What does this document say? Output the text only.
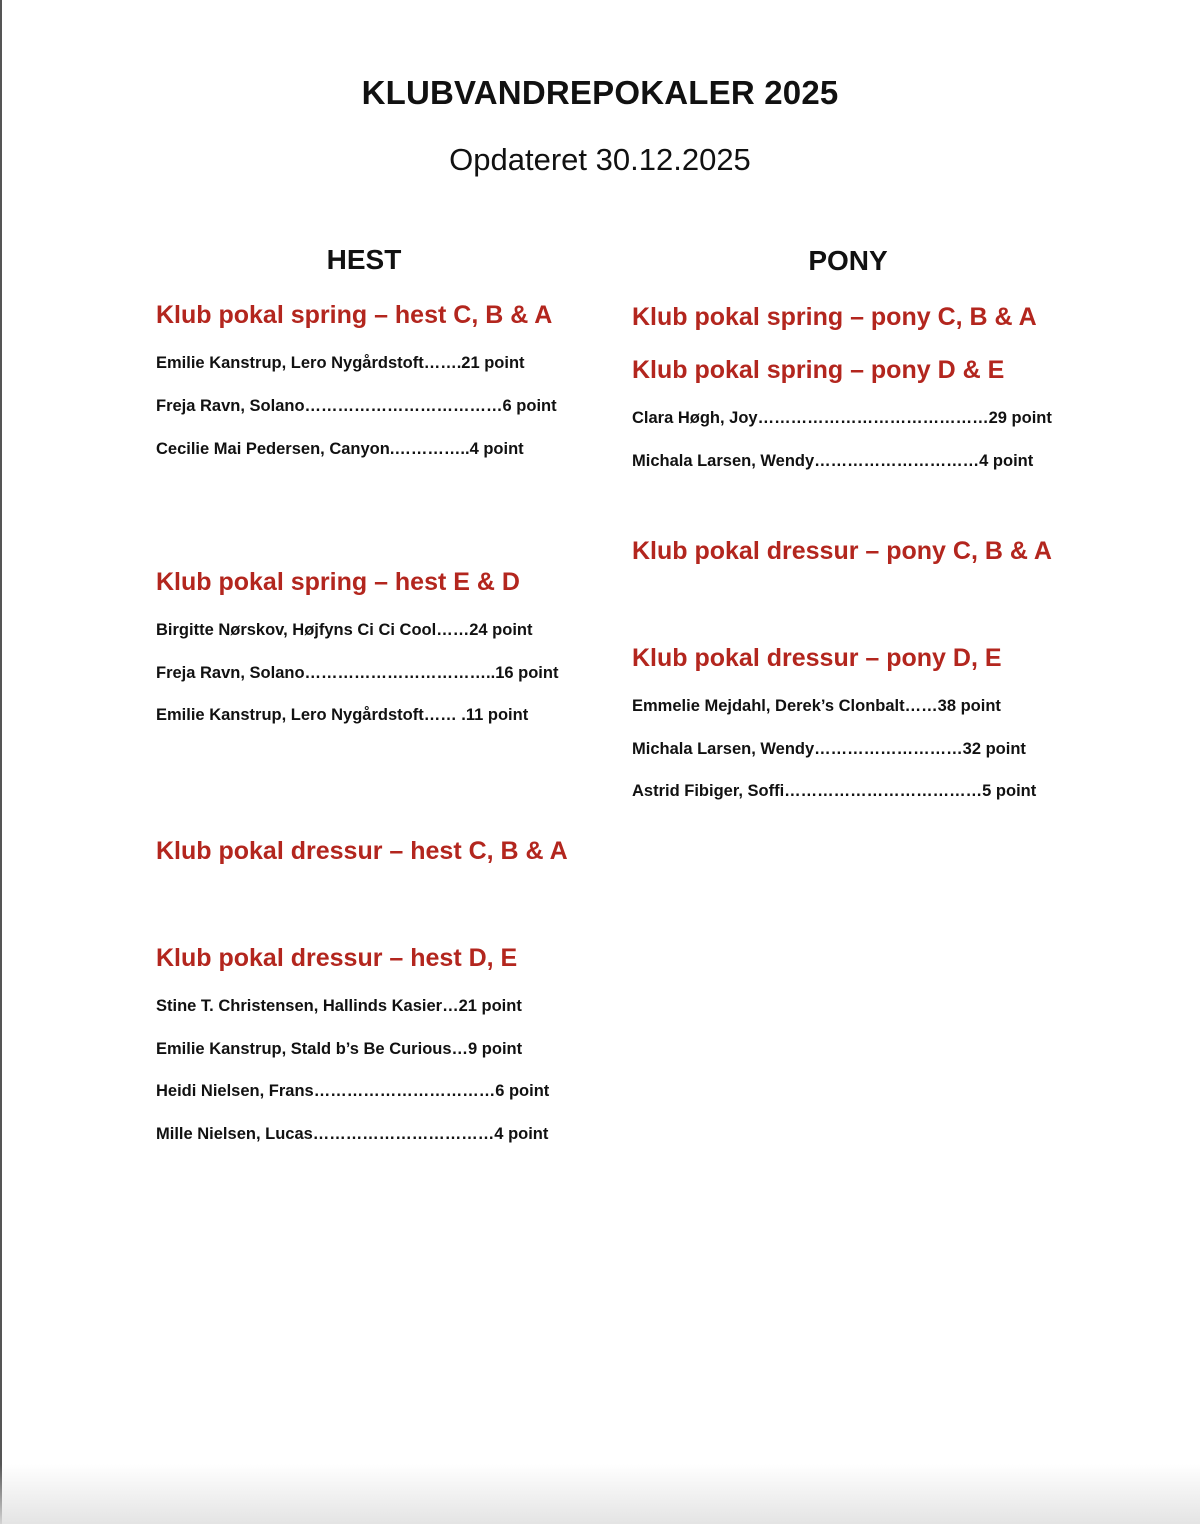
KLUBVANDREPOKALER 2025
Opdateret 30.12.2025
HEST
Klub pokal spring – hest C, B & A
Emilie Kanstrup, Lero Nygårdstoft…….21 point
Freja Ravn, Solano………………………………6 point
Cecilie Mai Pedersen, Canyon.…………..4 point
Klub pokal spring – hest E & D
Birgitte Nørskov, Højfyns Ci Ci Cool……24 point
Freja Ravn, Solano……………………………..16 point
Emilie Kanstrup, Lero Nygårdstoft…… .11 point
Klub pokal dressur – hest C, B & A
Klub pokal dressur – hest D, E
Stine T. Christensen, Hallinds Kasier…21 point
Emilie Kanstrup, Stald b’s Be Curious…9 point
Heidi Nielsen, Frans……………………………6 point
Mille Nielsen, Lucas……………………………4 point
PONY
Klub pokal spring – pony C, B & A
Klub pokal spring – pony D & E
Clara Høgh, Joy……………………………………29 point
Michala Larsen, Wendy…………………………4 point
Klub pokal dressur – pony C, B & A
Klub pokal dressur – pony D, E
Emmelie Mejdahl, Derek’s Clonbalt……38 point
Michala Larsen, Wendy………………………32 point
Astrid Fibiger, Soffi………………………………5 point
